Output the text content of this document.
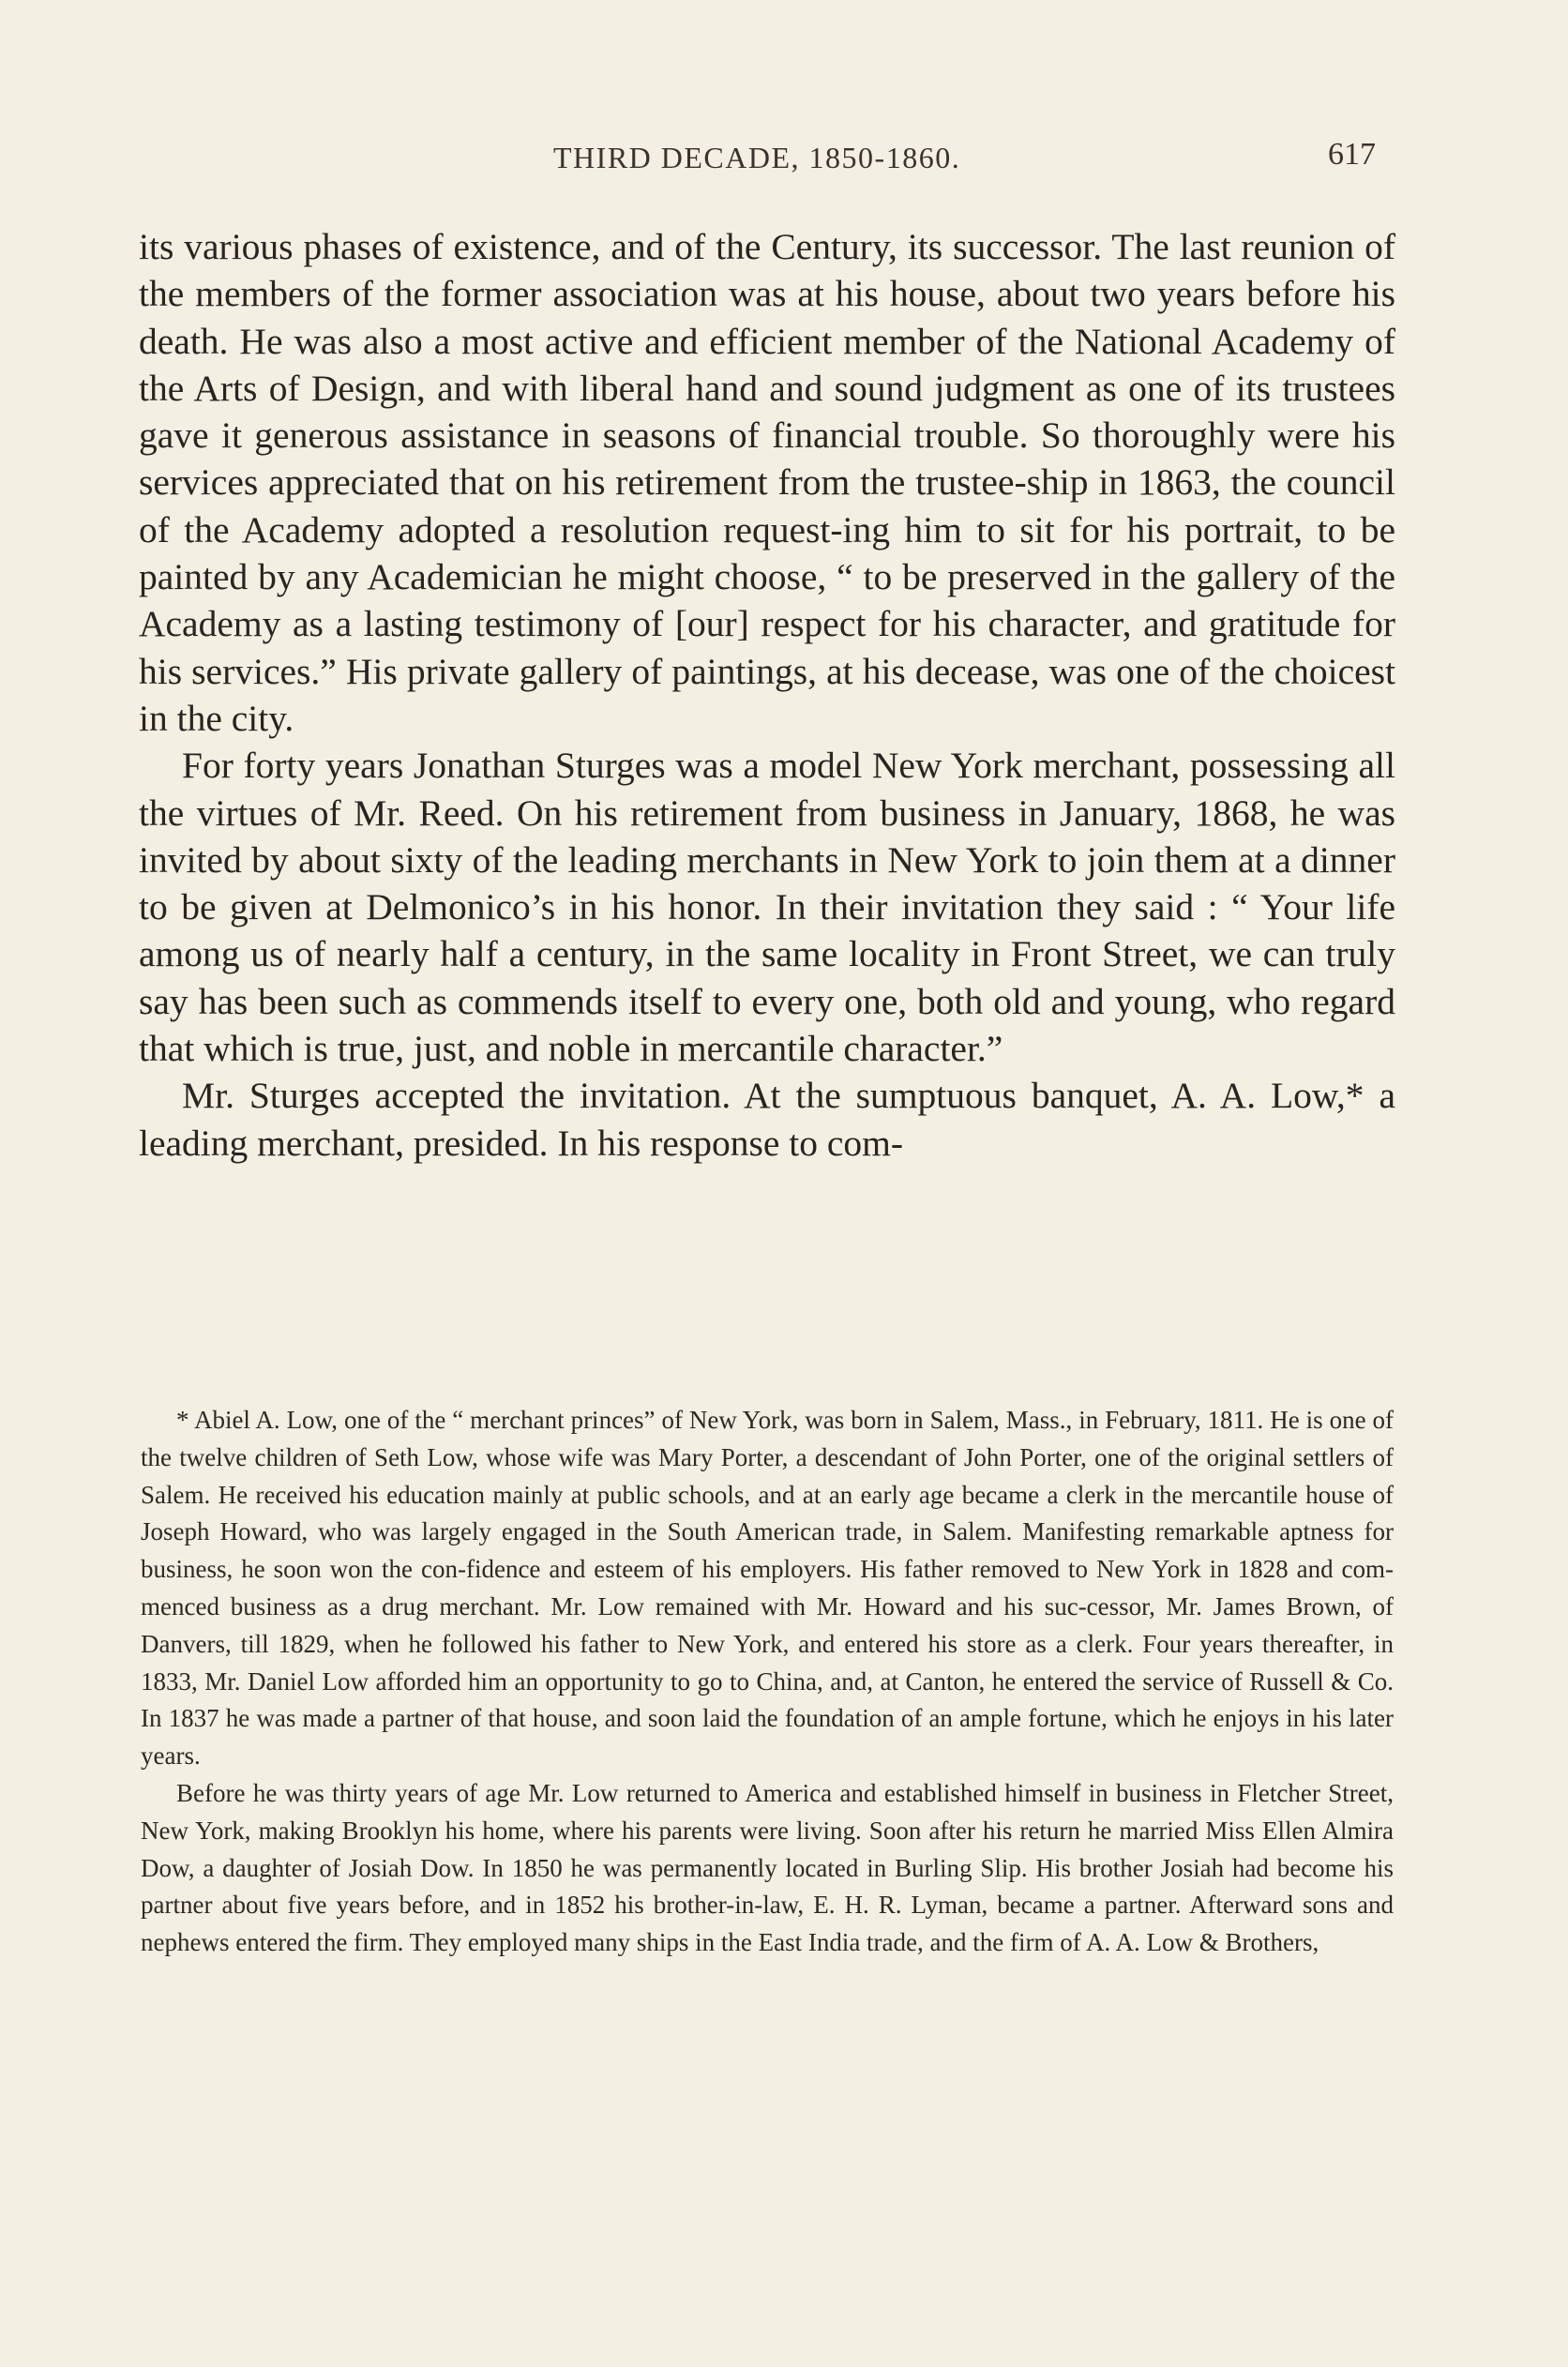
THIRD DECADE, 1850-1860.	617

its various phases of existence, and of the Century, its successor. The last reunion of the members of the former association was at his house, about two years before his death. He was also a most active and efficient member of the National Academy of the Arts of Design, and with liberal hand and sound judgment as one of its trustees gave it generous assistance in seasons of financial trouble. So thoroughly were his services appreciated that on his retirement from the trustee-ship in 1863, the council of the Academy adopted a resolution request-ing him to sit for his portrait, to be painted by any Academician he might choose, “ to be preserved in the gallery of the Academy as a lasting testimony of [our] respect for his character, and gratitude for his services.” His private gallery of paintings, at his decease, was one of the choicest in the city.

For forty years Jonathan Sturges was a model New York merchant, possessing all the virtues of Mr. Reed. On his retirement from business in January, 1868, he was invited by about sixty of the leading merchants in New York to join them at a dinner to be given at Delmonico’s in his honor. In their invitation they said : “ Your life among us of nearly half a century, in the same locality in Front Street, we can truly say has been such as commends itself to every one, both old and young, who regard that which is true, just, and noble in mercantile character.”

Mr. Sturges accepted the invitation. At the sumptuous banquet, A. A. Low,* a leading merchant, presided. In his response to com-

* Abiel A. Low, one of the “ merchant princes” of New York, was born in Salem, Mass., in February, 1811. He is one of the twelve children of Seth Low, whose wife was Mary Porter, a descendant of John Porter, one of the original settlers of Salem. He received his education mainly at public schools, and at an early age became a clerk in the mercantile house of Joseph Howard, who was largely engaged in the South American trade, in Salem. Manifesting remarkable aptness for business, he soon won the con-fidence and esteem of his employers. His father removed to New York in 1828 and com-menced business as a drug merchant. Mr. Low remained with Mr. Howard and his suc-cessor, Mr. James Brown, of Danvers, till 1829, when he followed his father to New York, and entered his store as a clerk. Four years thereafter, in 1833, Mr. Daniel Low afforded him an opportunity to go to China, and, at Canton, he entered the service of Russell & Co. In 1837 he was made a partner of that house, and soon laid the foundation of an ample fortune, which he enjoys in his later years.

Before he was thirty years of age Mr. Low returned to America and established himself in business in Fletcher Street, New York, making Brooklyn his home, where his parents were living. Soon after his return he married Miss Ellen Almira Dow, a daughter of Josiah Dow. In 1850 he was permanently located in Burling Slip. His brother Josiah had become his partner about five years before, and in 1852 his brother-in-law, E. H. R. Lyman, became a partner. Afterward sons and nephews entered the firm. They employed many ships in the East India trade, and the firm of A. A. Low & Brothers,
